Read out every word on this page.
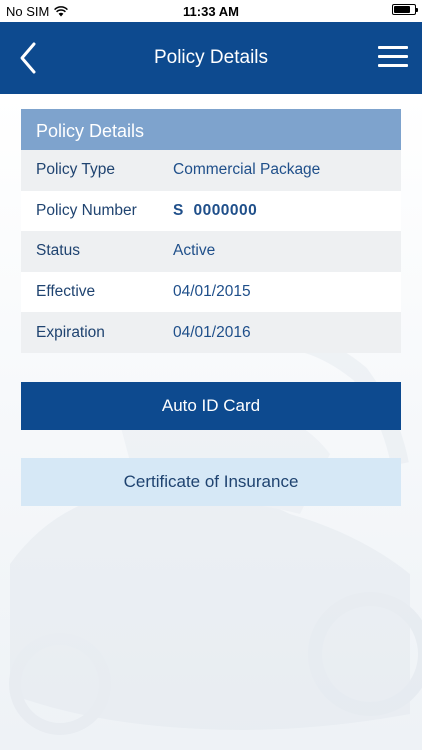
No SIM	11:33 AM
Policy Details
Policy Details
Policy Type	Commercial Package
Policy Number	S  0000000
Status	Active
Effective	04/01/2015
Expiration	04/01/2016
Auto ID Card
Certificate of Insurance
